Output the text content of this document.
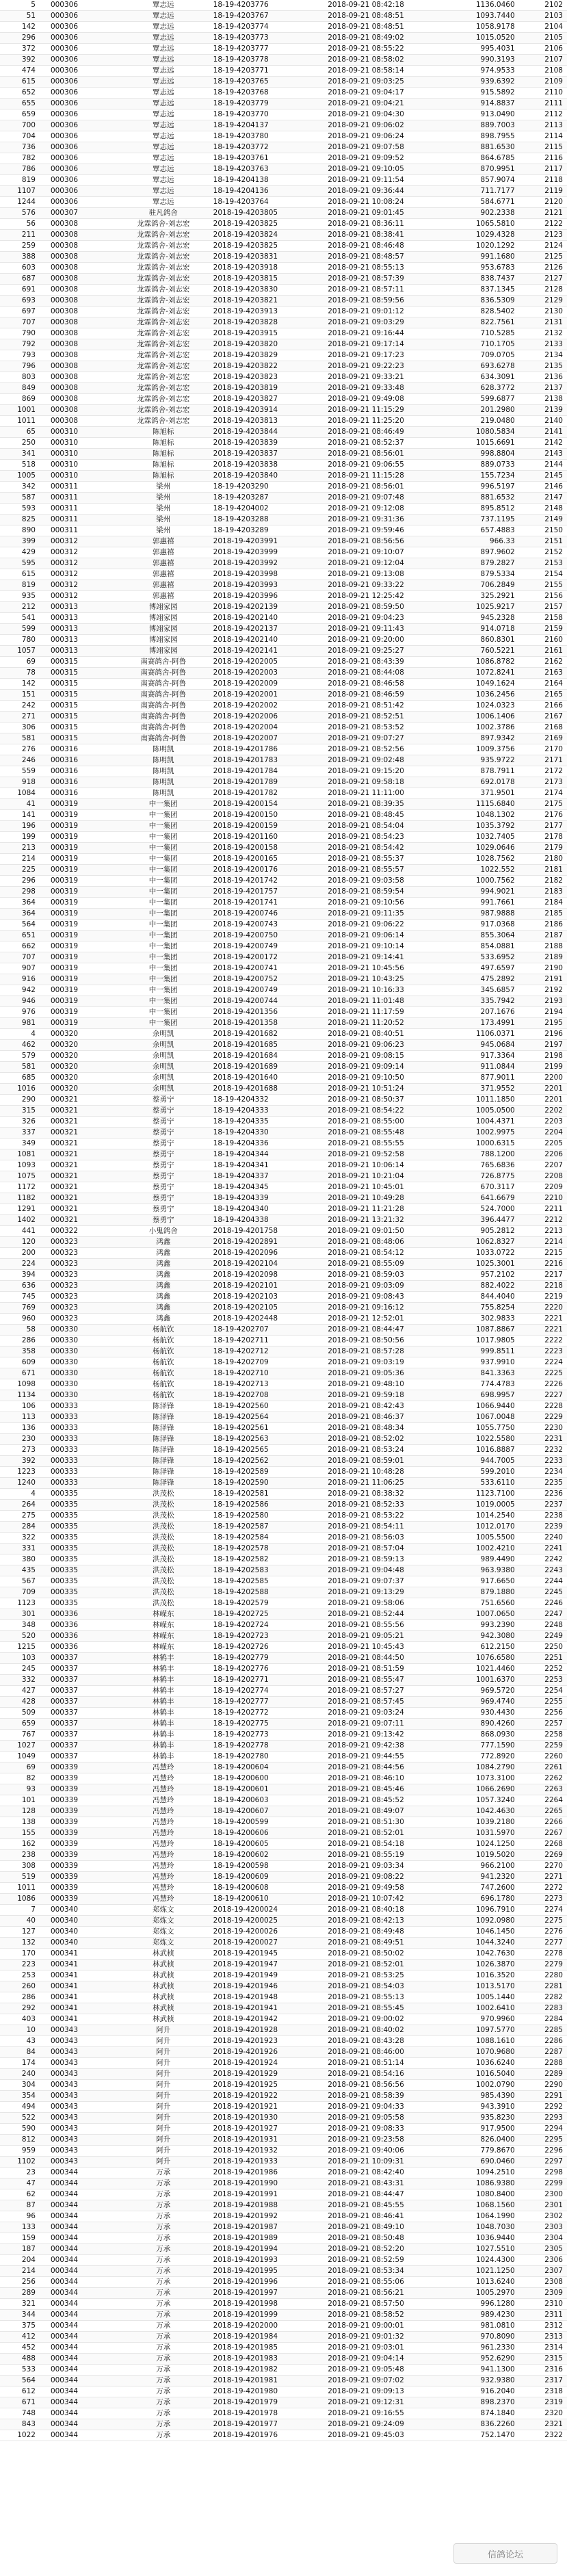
5	000306	覃志远	18-19-4203776	2018-09-21 08:42:18	1136.0460	2102
51	000306	覃志远	18-19-4203767	2018-09-21 08:48:51	1093.7440	2103
142	000306	覃志远	18-19-4203774	2018-09-21 08:48:51	1058.9178	2104
296	000306	覃志远	18-19-4203773	2018-09-21 08:49:02	1015.0520	2105
372	000306	覃志远	18-19-4203777	2018-09-21 08:55:22	995.4031	2106
392	000306	覃志远	18-19-4203778	2018-09-21 08:58:02	990.3193	2107
474	000306	覃志远	18-19-4203771	2018-09-21 08:58:14	974.9533	2108
615	000306	覃志远	18-19-4203765	2018-09-21 09:03:25	939.6392	2109
652	000306	覃志远	18-19-4203768	2018-09-21 09:04:17	915.5892	2110
655	000306	覃志远	18-19-4203779	2018-09-21 09:04:21	914.8837	2111
659	000306	覃志远	18-19-4203770	2018-09-21 09:04:30	913.0490	2112
700	000306	覃志远	18-19-4204137	2018-09-21 09:06:02	889.7003	2113
704	000306	覃志远	18-19-4203780	2018-09-21 09:06:24	898.7955	2114
736	000306	覃志远	18-19-4203772	2018-09-21 09:07:58	881.6530	2115
782	000306	覃志远	18-19-4203761	2018-09-21 09:09:52	864.6785	2116
786	000306	覃志远	18-19-4203763	2018-09-21 09:10:05	870.9951	2117
819	000306	覃志远	18-19-4204138	2018-09-21 09:11:54	857.9074	2118
1107	000306	覃志远	18-19-4204136	2018-09-21 09:36:44	711.7177	2119
1244	000306	覃志远	18-19-4203764	2018-09-21 10:08:24	584.6771	2120
576	000307	驻凡鸽舍	2018-19-4203805	2018-09-21 09:01:45	902.2338	2121
56	000308	龙霖鸽舍-刘志宏	2018-19-4203825	2018-09-21 08:36:11	1065.5810	2122
211	000308	龙霖鸽舍-刘志宏	2018-19-4203824	2018-09-21 08:38:41	1029.4328	2123
259	000308	龙霖鸽舍-刘志宏	2018-19-4203825	2018-09-21 08:46:48	1020.1292	2124
388	000308	龙霖鸽舍-刘志宏	2018-19-4203831	2018-09-21 08:48:57	991.1680	2125
603	000308	龙霖鸽舍-刘志宏	2018-19-4203918	2018-09-21 08:55:13	953.6783	2126
687	000308	龙霖鸽舍-刘志宏	2018-19-4203815	2018-09-21 08:57:39	838.7437	2127
691	000308	龙霖鸽舍-刘志宏	2018-19-4203830	2018-09-21 08:57:11	837.1345	2128
693	000308	龙霖鸽舍-刘志宏	2018-19-4203821	2018-09-21 08:59:56	836.5309	2129
697	000308	龙霖鸽舍-刘志宏	2018-19-4203913	2018-09-21 09:01:12	828.5402	2130
707	000308	龙霖鸽舍-刘志宏	2018-19-4203828	2018-09-21 09:03:29	822.7561	2131
790	000308	龙霖鸽舍-刘志宏	2018-19-4203915	2018-09-21 09:16:44	710.5285	2132
792	000308	龙霖鸽舍-刘志宏	2018-19-4203820	2018-09-21 09:17:14	710.1705	2133
793	000308	龙霖鸽舍-刘志宏	2018-19-4203829	2018-09-21 09:17:23	709.0705	2134
796	000308	龙霖鸽舍-刘志宏	2018-19-4203822	2018-09-21 09:22:23	693.6278	2135
803	000308	龙霖鸽舍-刘志宏	2018-19-4203823	2018-09-21 09:33:21	634.3091	2136
849	000308	龙霖鸽舍-刘志宏	2018-19-4203819	2018-09-21 09:33:48	628.3772	2137
869	000308	龙霖鸽舍-刘志宏	2018-19-4203827	2018-09-21 09:49:08	599.6877	2138
1001	000308	龙霖鸽舍-刘志宏	2018-19-4203914	2018-09-21 11:15:29	201.2980	2139
1011	000308	龙霖鸽舍-刘志宏	2018-19-4203813	2018-09-21 11:25:20	219.0480	2140
65	000310	陈旭标	2018-19-4203844	2018-09-21 08:46:49	1080.5834	2141
250	000310	陈旭标	2018-19-4203839	2018-09-21 08:52:37	1015.6691	2142
341	000310	陈旭标	2018-19-4203837	2018-09-21 08:56:01	998.8804	2143
518	000310	陈旭标	2018-19-4203838	2018-09-21 09:06:55	889.0733	2144
1005	000310	陈旭标	2018-19-4203840	2018-09-21 11:15:28	155.7234	2145
342	000311	梁州	18-19-4203290	2018-09-21 08:56:01	996.5197	2146
587	000311	梁州	18-19-4203287	2018-09-21 09:07:48	881.6532	2147
593	000311	梁州	18-19-4204002	2018-09-21 09:12:08	895.8512	2148
825	000311	梁州	18-19-4203288	2018-09-21 09:31:36	737.1195	2149
890	000311	梁州	18-19-4203289	2018-09-21 09:59:46	657.4883	2150
399	000312	郭惠禧	2018-19-4203991	2018-09-21 08:56:56	966.33	2151
429	000312	郭惠禧	2018-19-4203999	2018-09-21 09:10:07	897.9602	2152
595	000312	郭惠禧	2018-19-4203992	2018-09-21 09:12:04	879.2827	2153
615	000312	郭惠禧	2018-19-4203998	2018-09-21 09:13:08	879.5334	2154
819	000312	郭惠禧	2018-19-4203993	2018-09-21 09:33:22	706.2849	2155
935	000312	郭惠禧	2018-19-4203996	2018-09-21 12:25:42	325.2921	2156
212	000313	博翊家园	2018-19-4202139	2018-09-21 08:59:50	1025.9217	2157
541	000313	博翊家园	2018-19-4202140	2018-09-21 09:04:23	945.2328	2158
599	000313	博翊家园	2018-19-4202137	2018-09-21 09:11:43	914.0718	2159
780	000313	博翊家园	2018-19-4202140	2018-09-21 09:20:00	860.8301	2160
1057	000313	博翊家园	2018-19-4202141	2018-09-21 09:25:27	760.5221	2161
69	000315	南赛鸽舍-阿鲁	2018-19-4202005	2018-09-21 08:43:39	1086.8782	2162
78	000315	南赛鸽舍-阿鲁	2018-19-4202003	2018-09-21 08:44:08	1072.8241	2163
142	000315	南赛鸽舍-阿鲁	2018-19-4202009	2018-09-21 08:46:58	1049.1624	2164
151	000315	南赛鸽舍-阿鲁	2018-19-4202001	2018-09-21 08:46:59	1036.2456	2165
242	000315	南赛鸽舍-阿鲁	2018-19-4202002	2018-09-21 08:51:42	1024.0323	2166
271	000315	南赛鸽舍-阿鲁	2018-19-4202006	2018-09-21 08:52:51	1006.1406	2167
306	000315	南赛鸽舍-阿鲁	2018-19-4202004	2018-09-21 08:53:52	1002.3786	2168
581	000315	南赛鸽舍-阿鲁	2018-19-4202007	2018-09-21 09:07:27	897.9342	2169
276	000316	陈明凯	2018-19-4201786	2018-09-21 08:52:56	1009.3756	2170
246	000316	陈明凯	2018-19-4201783	2018-09-21 09:02:48	935.9722	2171
559	000316	陈明凯	2018-19-4201784	2018-09-21 09:15:20	878.7911	2172
918	000316	陈明凯	2018-19-4201789	2018-09-21 09:58:18	692.0178	2173
1084	000316	陈明凯	2018-19-4201782	2018-09-21 11:11:00	371.9501	2174
41	000319	中一集团	2018-19-4200154	2018-09-21 08:39:35	1115.6840	2175
141	000319	中一集团	2018-19-4200150	2018-09-21 08:48:45	1048.1302	2176
196	000319	中一集团	2018-19-4200159	2018-09-21 08:54:04	1035.3792	2177
199	000319	中一集团	2018-19-4201160	2018-09-21 08:54:23	1032.7405	2178
213	000319	中一集团	2018-19-4200158	2018-09-21 08:54:42	1029.0646	2179
214	000319	中一集团	2018-19-4200165	2018-09-21 08:55:37	1028.7562	2180
225	000319	中一集团	2018-19-4200176	2018-09-21 08:55:57	1022.552	2181
296	000319	中一集团	2018-19-4201742	2018-09-21 09:03:58	1000.7562	2182
298	000319	中一集团	2018-19-4201757	2018-09-21 08:59:54	994.9021	2183
364	000319	中一集团	2018-19-4201741	2018-09-21 09:10:56	991.7661	2184
364	000319	中一集团	2018-19-4200746	2018-09-21 09:11:35	987.9888	2185
564	000319	中一集团	2018-19-4200743	2018-09-21 09:06:22	917.0368	2186
651	000319	中一集团	2018-19-4200750	2018-09-21 09:06:14	855.3064	2187
662	000319	中一集团	2018-19-4200749	2018-09-21 09:10:14	854.0881	2188
707	000319	中一集团	2018-19-4200172	2018-09-21 09:14:41	533.6952	2189
907	000319	中一集团	2018-19-4200741	2018-09-21 10:45:56	497.6597	2190
916	000319	中一集团	2018-19-4200752	2018-09-21 10:43:25	475.2892	2191
942	000319	中一集团	2018-19-4200749	2018-09-21 10:16:33	345.6857	2192
946	000319	中一集团	2018-19-4200744	2018-09-21 11:01:48	335.7942	2193
976	000319	中一集团	2018-19-4201356	2018-09-21 11:17:59	207.1676	2194
981	000319	中一集团	2018-19-4201358	2018-09-21 11:20:52	173.4991	2195
4	000320	余明凯	2018-19-4201682	2018-09-21 08:40:51	1106.0371	2196
462	000320	余明凯	2018-19-4201685	2018-09-21 09:06:23	945.0684	2197
579	000320	余明凯	2018-19-4201684	2018-09-21 09:08:15	917.3364	2198
581	000320	余明凯	2018-19-4201689	2018-09-21 09:09:14	911.0844	2199
685	000320	余明凯	2018-19-4201640	2018-09-21 09:10:50	877.9011	2200
1016	000320	余明凯	2018-19-4201688	2018-09-21 10:51:24	371.9552	2201
290	000321	蔡勇宁	18-19-4204332	2018-09-21 08:50:37	1011.1850	2201
315	000321	蔡勇宁	18-19-4204333	2018-09-21 08:54:22	1005.0500	2202
326	000321	蔡勇宁	18-19-4204335	2018-09-21 08:55:00	1004.4371	2203
337	000321	蔡勇宁	18-19-4204330	2018-09-21 08:55:48	1002.9975	2204
349	000321	蔡勇宁	18-19-4204336	2018-09-21 08:55:55	1000.6315	2205
1081	000321	蔡勇宁	18-19-4204344	2018-09-21 09:52:58	788.1200	2206
1093	000321	蔡勇宁	18-19-4204341	2018-09-21 10:06:14	765.6836	2207
1075	000321	蔡勇宁	18-19-4204337	2018-09-21 10:21:04	726.8775	2208
1172	000321	蔡勇宁	18-19-4204345	2018-09-21 10:45:01	670.3117	2209
1182	000321	蔡勇宁	18-19-4204339	2018-09-21 10:49:28	641.6679	2210
1291	000321	蔡勇宁	18-19-4204340	2018-09-21 11:21:28	524.7000	2211
1402	000321	蔡勇宁	18-19-4204338	2018-09-21 13:21:32	396.4477	2212
441	000322	小鬼鸽舍	2018-19-4201758	2018-09-21 09:01:50	905.2812	2213
120	000323	鸿鑫	2018-19-4202891	2018-09-21 08:48:06	1062.8327	2214
200	000323	鸿鑫	2018-19-4202096	2018-09-21 08:54:12	1033.0722	2215
224	000323	鸿鑫	2018-19-4202104	2018-09-21 08:55:09	1025.3001	2216
394	000323	鸿鑫	2018-19-4202098	2018-09-21 08:59:03	957.2102	2217
636	000323	鸿鑫	2018-19-4202101	2018-09-21 09:03:09	882.4022	2218
745	000323	鸿鑫	2018-19-4202103	2018-09-21 09:08:43	844.4040	2219
769	000323	鸿鑫	2018-19-4202105	2018-09-21 09:16:12	755.8254	2220
960	000323	鸿鑫	2018-19-4202448	2018-09-21 12:52:01	302.9833	2221
58	000330	杨航钦	18-19-4202707	2018-09-21 08:44:47	1087.8867	2221
286	000330	杨航钦	18-19-4202711	2018-09-21 08:50:56	1017.9805	2222
358	000330	杨航钦	18-19-4202712	2018-09-21 08:57:28	999.8511	2223
609	000330	杨航钦	18-19-4202709	2018-09-21 09:03:19	937.9910	2224
671	000330	杨航钦	18-19-4202710	2018-09-21 09:05:36	841.3363	2225
1098	000330	杨航钦	18-19-4202713	2018-09-21 09:48:10	774.4783	2226
1134	000330	杨航钦	18-19-4202708	2018-09-21 09:59:18	698.9957	2227
106	000333	陈泽锋	18-19-4202560	2018-09-21 08:42:43	1066.9440	2228
113	000333	陈泽锋	18-19-4202564	2018-09-21 08:46:37	1067.0048	2229
136	000333	陈泽锋	18-19-4202561	2018-09-21 08:48:34	1055.7750	2230
230	000333	陈泽锋	18-19-4202563	2018-09-21 08:52:02	1022.5580	2231
273	000333	陈泽锋	18-19-4202565	2018-09-21 08:53:24	1016.8887	2232
392	000333	陈泽锋	18-19-4202562	2018-09-21 08:59:01	944.7005	2233
1223	000333	陈泽锋	18-19-4202589	2018-09-21 10:48:28	599.2010	2234
1240	000333	陈泽锋	18-19-4202590	2018-09-21 11:06:25	533.6110	2235
4	000335	洪茂松	18-19-4202581	2018-09-21 08:38:32	1123.7100	2236
264	000335	洪茂松	18-19-4202586	2018-09-21 08:52:33	1019.0005	2237
275	000335	洪茂松	18-19-4202580	2018-09-21 08:53:22	1014.2540	2238
284	000335	洪茂松	18-19-4202587	2018-09-21 08:54:11	1012.0170	2239
322	000335	洪茂松	18-19-4202584	2018-09-21 08:56:03	1005.5500	2240
331	000335	洪茂松	18-19-4202578	2018-09-21 08:57:04	1002.4210	2241
380	000335	洪茂松	18-19-4202582	2018-09-21 08:59:13	989.4490	2242
435	000335	洪茂松	18-19-4202583	2018-09-21 09:04:48	963.9380	2243
567	000335	洪茂松	18-19-4202585	2018-09-21 09:07:37	917.6650	2244
709	000335	洪茂松	18-19-4202588	2018-09-21 09:13:29	879.1880	2245
1123	000335	洪茂松	18-19-4202579	2018-09-21 09:58:06	751.6560	2246
301	000336	林嵘东	18-19-4202725	2018-09-21 08:52:44	1007.0650	2247
348	000336	林嵘东	18-19-4202724	2018-09-21 08:55:56	993.2390	2248
520	000336	林嵘东	18-19-4202723	2018-09-21 09:05:21	942.3080	2249
1215	000336	林嵘东	18-19-4202726	2018-09-21 10:45:43	612.2150	2250
103	000337	林鹤丰	18-19-4202779	2018-09-21 08:44:50	1076.6580	2251
245	000337	林鹤丰	18-19-4202776	2018-09-21 08:51:59	1021.4460	2252
332	000337	林鹤丰	18-19-4202771	2018-09-21 08:55:47	1001.6370	2253
427	000337	林鹤丰	18-19-4202774	2018-09-21 08:57:27	969.5720	2254
428	000337	林鹤丰	18-19-4202777	2018-09-21 08:57:45	969.4740	2255
509	000337	林鹤丰	18-19-4202772	2018-09-21 09:03:24	930.4430	2256
659	000337	林鹤丰	18-19-4202775	2018-09-21 09:07:11	890.4260	2257
767	000337	林鹤丰	18-19-4202773	2018-09-21 09:13:42	868.0930	2258
1027	000337	林鹤丰	18-19-4202778	2018-09-21 09:42:38	777.1590	2259
1049	000337	林鹤丰	18-19-4202780	2018-09-21 09:44:55	772.8920	2260
69	000339	冯慧玲	18-19-4200604	2018-09-21 08:44:56	1084.2790	2261
82	000339	冯慧玲	18-19-4200600	2018-09-21 08:46:10	1073.3100	2262
93	000339	冯慧玲	18-19-4200601	2018-09-21 08:45:46	1066.2690	2263
101	000339	冯慧玲	18-19-4200603	2018-09-21 08:45:52	1057.3240	2264
128	000339	冯慧玲	18-19-4200607	2018-09-21 08:49:07	1042.4630	2265
138	000339	冯慧玲	18-19-4200599	2018-09-21 08:51:30	1039.2180	2266
155	000339	冯慧玲	18-19-4200606	2018-09-21 08:52:01	1031.5970	2267
162	000339	冯慧玲	18-19-4200605	2018-09-21 08:54:18	1024.1250	2268
238	000339	冯慧玲	18-19-4200602	2018-09-21 08:55:19	1019.5020	2269
308	000339	冯慧玲	18-19-4200598	2018-09-21 09:03:34	966.2100	2270
519	000339	冯慧玲	18-19-4200609	2018-09-21 09:08:22	941.2320	2271
1011	000339	冯慧玲	18-19-4200608	2018-09-21 09:49:58	747.2600	2272
1086	000339	冯慧玲	18-19-4200610	2018-09-21 10:07:42	696.1780	2273
7	000340	郑炼文	2018-19-4200024	2018-09-21 08:40:18	1096.7910	2274
40	000340	郑炼文	2018-19-4200025	2018-09-21 08:42:13	1092.0980	2275
127	000340	郑炼文	2018-19-4200026	2018-09-21 08:49:48	1046.1450	2276
132	000340	郑炼文	2018-19-4200027	2018-09-21 08:49:51	1044.3240	2277
170	000341	林武桢	2018-19-4201945	2018-09-21 08:50:02	1042.7630	2278
223	000341	林武桢	2018-19-4201947	2018-09-21 08:52:01	1026.3870	2279
253	000341	林武桢	2018-19-4201949	2018-09-21 08:53:25	1016.3520	2280
260	000341	林武桢	2018-19-4201946	2018-09-21 08:54:03	1013.5170	2281
286	000341	林武桢	2018-19-4201948	2018-09-21 08:55:13	1005.1440	2282
292	000341	林武桢	2018-19-4201941	2018-09-21 08:55:45	1002.6410	2283
403	000341	林武桢	2018-19-4201942	2018-09-21 09:00:02	970.9960	2284
10	000343	阿升	2018-19-4201928	2018-09-21 08:40:02	1097.5770	2285
43	000343	阿升	2018-19-4201923	2018-09-21 08:43:28	1088.1610	2286
84	000343	阿升	2018-19-4201926	2018-09-21 08:46:00	1070.9680	2287
174	000343	阿升	2018-19-4201924	2018-09-21 08:51:14	1036.6240	2288
240	000343	阿升	2018-19-4201929	2018-09-21 08:54:16	1016.5040	2289
304	000343	阿升	2018-19-4201925	2018-09-21 08:56:56	1002.0790	2290
354	000343	阿升	2018-19-4201922	2018-09-21 08:58:39	985.4390	2291
494	000343	阿升	2018-19-4201921	2018-09-21 09:04:33	943.3910	2292
522	000343	阿升	2018-19-4201930	2018-09-21 09:05:58	935.8230	2293
590	000343	阿升	2018-19-4201927	2018-09-21 09:08:33	917.9500	2294
812	000343	阿升	2018-19-4201931	2018-09-21 09:23:58	826.0400	2295
959	000343	阿升	2018-19-4201932	2018-09-21 09:40:06	779.8670	2296
1102	000343	阿升	2018-19-4201933	2018-09-21 10:09:31	690.0460	2297
23	000344	万承	2018-19-4201986	2018-09-21 08:42:40	1094.2510	2298
47	000344	万承	2018-19-4201990	2018-09-21 08:43:31	1086.9380	2299
62	000344	万承	2018-19-4201991	2018-09-21 08:44:47	1080.8400	2300
87	000344	万承	2018-19-4201988	2018-09-21 08:45:55	1068.1560	2301
96	000344	万承	2018-19-4201992	2018-09-21 08:46:41	1064.1990	2302
133	000344	万承	2018-19-4201987	2018-09-21 08:49:10	1048.7030	2303
159	000344	万承	2018-19-4201989	2018-09-21 08:50:48	1036.9440	2304
187	000344	万承	2018-19-4201994	2018-09-21 08:52:20	1027.5510	2305
204	000344	万承	2018-19-4201993	2018-09-21 08:52:59	1024.4300	2306
214	000344	万承	2018-19-4201995	2018-09-21 08:53:34	1021.1250	2307
256	000344	万承	2018-19-4201996	2018-09-21 08:55:06	1013.6240	2308
289	000344	万承	2018-19-4201997	2018-09-21 08:56:21	1005.2970	2309
321	000344	万承	2018-19-4201998	2018-09-21 08:57:50	996.1280	2310
344	000344	万承	2018-19-4201999	2018-09-21 08:58:52	989.4230	2311
375	000344	万承	2018-19-4202000	2018-09-21 09:00:01	981.0810	2312
412	000344	万承	2018-19-4201984	2018-09-21 09:01:32	970.8090	2313
452	000344	万承	2018-19-4201985	2018-09-21 09:03:01	961.2330	2314
488	000344	万承	2018-19-4201983	2018-09-21 09:04:14	952.6290	2315
533	000344	万承	2018-19-4201982	2018-09-21 09:05:48	941.1300	2316
564	000344	万承	2018-19-4201981	2018-09-21 09:07:02	932.9380	2317
612	000344	万承	2018-19-4201980	2018-09-21 09:09:13	916.2040	2318
671	000344	万承	2018-19-4201979	2018-09-21 09:12:31	898.2370	2319
748	000344	万承	2018-19-4201978	2018-09-21 09:16:55	874.1840	2320
843	000344	万承	2018-19-4201977	2018-09-21 09:24:09	836.2260	2321
1022	000344	万承	2018-19-4201976	2018-09-21 09:45:03	752.1470	2322
信鸽论坛
